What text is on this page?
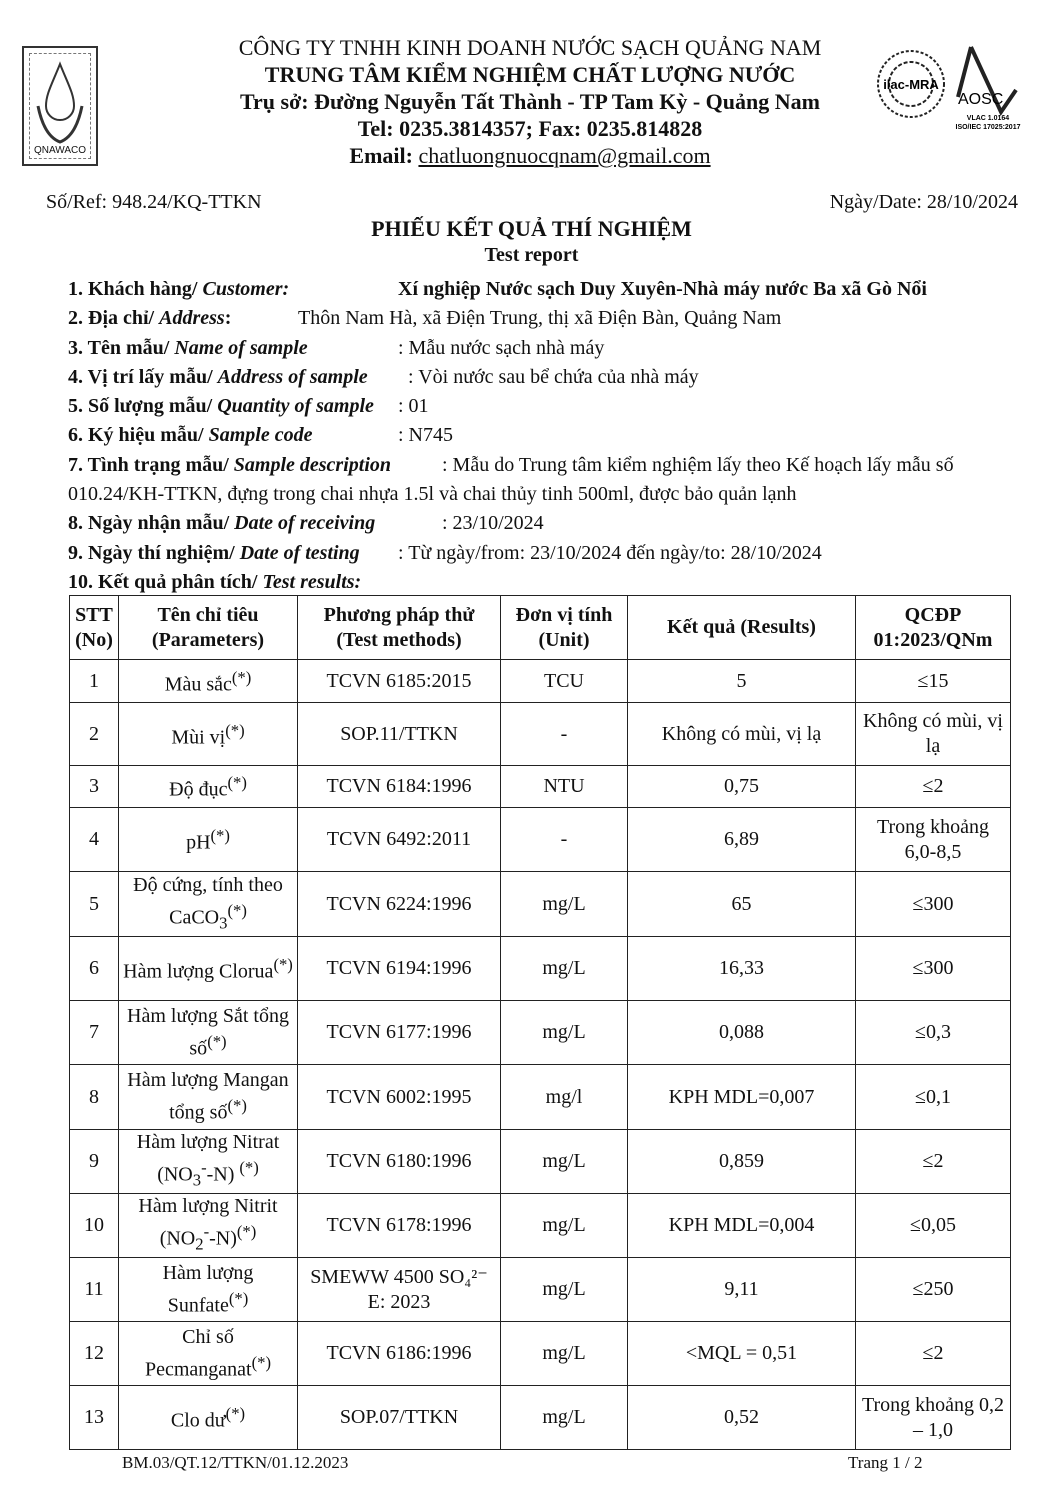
QNAWACO
CÔNG TY TNHH KINH DOANH NƯỚC SẠCH QUẢNG NAM
TRUNG TÂM KIỂM NGHIỆM CHẤT LƯỢNG NƯỚC
Trụ sở: Đường Nguyễn Tất Thành - TP Tam Kỳ - Quảng Nam
Tel: 0235.3814357; Fax: 0235.814828
Email: chatluongnuocqnam@gmail.com
ilac-MRA
AOSC
VLAC 1.0164
ISO/IEC 17025:2017
Số/Ref: 948.24/KQ-TTKN	Ngày/Date: 28/10/2024
PHIẾU KẾT QUẢ THÍ NGHIỆM
Test report
1. Khách hàng/ Customer:	Xí nghiệp Nước sạch Duy Xuyên-Nhà máy nước Ba xã Gò Nổi
2. Địa chỉ/ Address:	Thôn Nam Hà, xã Điện Trung, thị xã Điện Bàn, Quảng Nam
3. Tên mẫu/ Name of sample	: Mẫu nước sạch nhà máy
4. Vị trí lấy mẫu/ Address of sample : Vòi nước sau bể chứa của nhà máy
5. Số lượng mẫu/ Quantity of sample : 01
6. Ký hiệu mẫu/ Sample code	: N745
7. Tình trạng mẫu/ Sample description	: Mẫu do Trung tâm kiểm nghiệm lấy theo Kế hoạch lấy mẫu số
010.24/KH-TTKN, đựng trong chai nhựa 1.5l và chai thủy tinh 500ml, được bảo quản lạnh
8. Ngày nhận mẫu/ Date of receiving	: 23/10/2024
9. Ngày thí nghiệm/ Date of testing : Từ ngày/from: 23/10/2024 đến ngày/to: 28/10/2024
10. Kết quả phân tích/ Test results:
STT (No)	Tên chỉ tiêu (Parameters)	Phương pháp thử (Test methods)	Đơn vị tính (Unit)	Kết quả (Results)	QCĐP 01:2023/QNm
1	Màu sắc(*)	TCVN 6185:2015	TCU	5	≤15
2	Mùi vị(*)	SOP.11/TTKN	-	Không có mùi, vị lạ	Không có mùi, vị lạ
3	Độ đục(*)	TCVN 6184:1996	NTU	0,75	≤2
4	pH(*)	TCVN 6492:2011	-	6,89	Trong khoảng 6,0-8,5
5	Độ cứng, tính theo CaCO$_3$(*)	TCVN 6224:1996	mg/L	65	≤300
6	Hàm lượng Clorua(*)	TCVN 6194:1996	mg/L	16,33	≤300
7	Hàm lượng Sắt tổng số(*)	TCVN 6177:1996	mg/L	0,088	≤0,3
8	Hàm lượng Mangan tổng số(*)	TCVN 6002:1995	mg/l	KPH MDL=0,007	≤0,1
9	Hàm lượng Nitrat $(NO_3^--N)$ (*)	TCVN 6180:1996	mg/L	0,859	≤2
10	Hàm lượng Nitrit $(NO_2^--N)^{(*)}$	TCVN 6178:1996	mg/L	KPH MDL=0,004	≤0,05
11	Hàm lượng Sunfate(*)	SMEWW 4500 SO₄²⁻ E: 2023	mg/L	9,11	≤250
12	Chỉ số Pecmanganat(*)	TCVN 6186:1996	mg/L	<MQL = 0,51	≤2
13	Clo dư(*)	SOP.07/TTKN	mg/L	0,52	Trong khoảng 0,2 – 1,0
BM.03/QT.12/TTKN/01.12.2023	Trang 1 / 2
